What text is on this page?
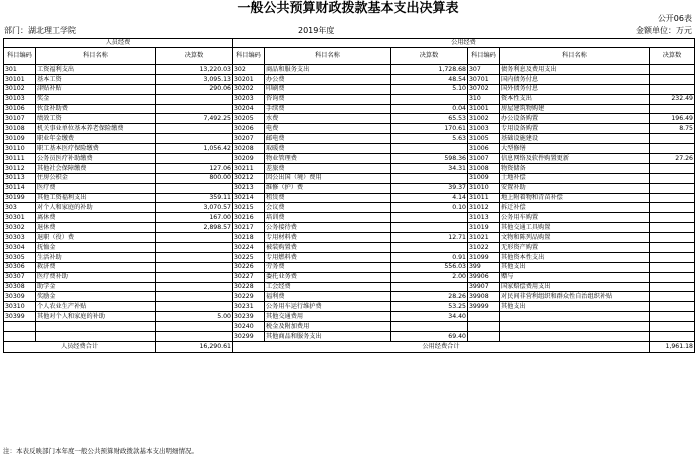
一般公共预算财政拨款基本支出决算表
公开06表
部门：湖北理工学院	2019年度	金额单位：万元
人员经费			公用经费					
科目编码	科目名称	决算数	科目编码	科目名称	决算数	科目编码	科目名称	决算数
301	工资福利支出	13,220.03	302	商品和服务支出	1,728.68	307	债务利息及费用支出	
30101	基本工资	3,095.13	30201	办公费	48.54	30701	国内债务付息	
30102	津贴补贴	290.06	30202	印刷费	5.10	30702	国外债务付息	
30103	奖金		30203	咨询费		310	资本性支出	232.49
30106	伙食补助费		30204	手续费	0.04	31001	房屋建筑物购建	
30107	绩效工资	7,492.25	30205	水费	65.53	31002	办公设备购置	196.49
30108	机关事业单位基本养老保险缴费		30206	电费	170.61	31003	专用设备购置	8.75
30109	职业年金缴费		30207	邮电费	5.63	31005	基础设施建设	
30110	职工基本医疗保险缴费	1,056.42	30208	取暖费		31006	大型修缮	
30111	公务员医疗补助缴费		30209	物业管理费	598.36	31007	信息网络及软件购置更新	27.26
30112	其他社会保障缴费	127.06	30211	差旅费	34.31	31008	物资储备	
30113	住房公积金	800.00	30212	因公出国（境）费用		31009	土地补偿	
30114	医疗费		30213	维修（护）费	39.37	31010	安置补助	
30199	其他工资福利支出	359.11	30214	租赁费	4.14	31011	地上附着物和青苗补偿	
303	对个人和家庭的补助	3,070.57	30215	会议费	0.10	31012	拆迁补偿	
30301	离休费	167.00	30216	培训费		31013	公务用车购置	
30302	退休费	2,898.57	30217	公务接待费		31019	其他交通工具购置	
30303	退职（役）费		30218	专用材料费	12.71	31021	文物和陈列品购置	
30304	抚恤金		30224	被装购置费		31022	无形资产购置	
30305	生活补助		30225	专用燃料费	0.91	31099	其他资本性支出	
30306	救济费		30226	劳务费	556.03	399	其他支出	
30307	医疗费补助		30227	委托业务费	2.00	39906	赠与	
30308	助学金		30228	工会经费		39907	国家赔偿费用支出	
30309	奖励金		30229	福利费	28.26	39908	对民间非营利组织和群众性自治组织补贴	
30310	个人农业生产补贴		30231	公务用车运行维护费	53.25	39999	其他支出	
30399	其他对个人和家庭的补助	5.00	30239	其他交通费用	34.40			
			30240	税金及附加费用				
			30299	其他商品和服务支出	69.40			
人员经费合计		16,290.61	公用经费合计					1,961.18
注：本表反映部门本年度一般公共预算财政拨款基本支出明细情况。
